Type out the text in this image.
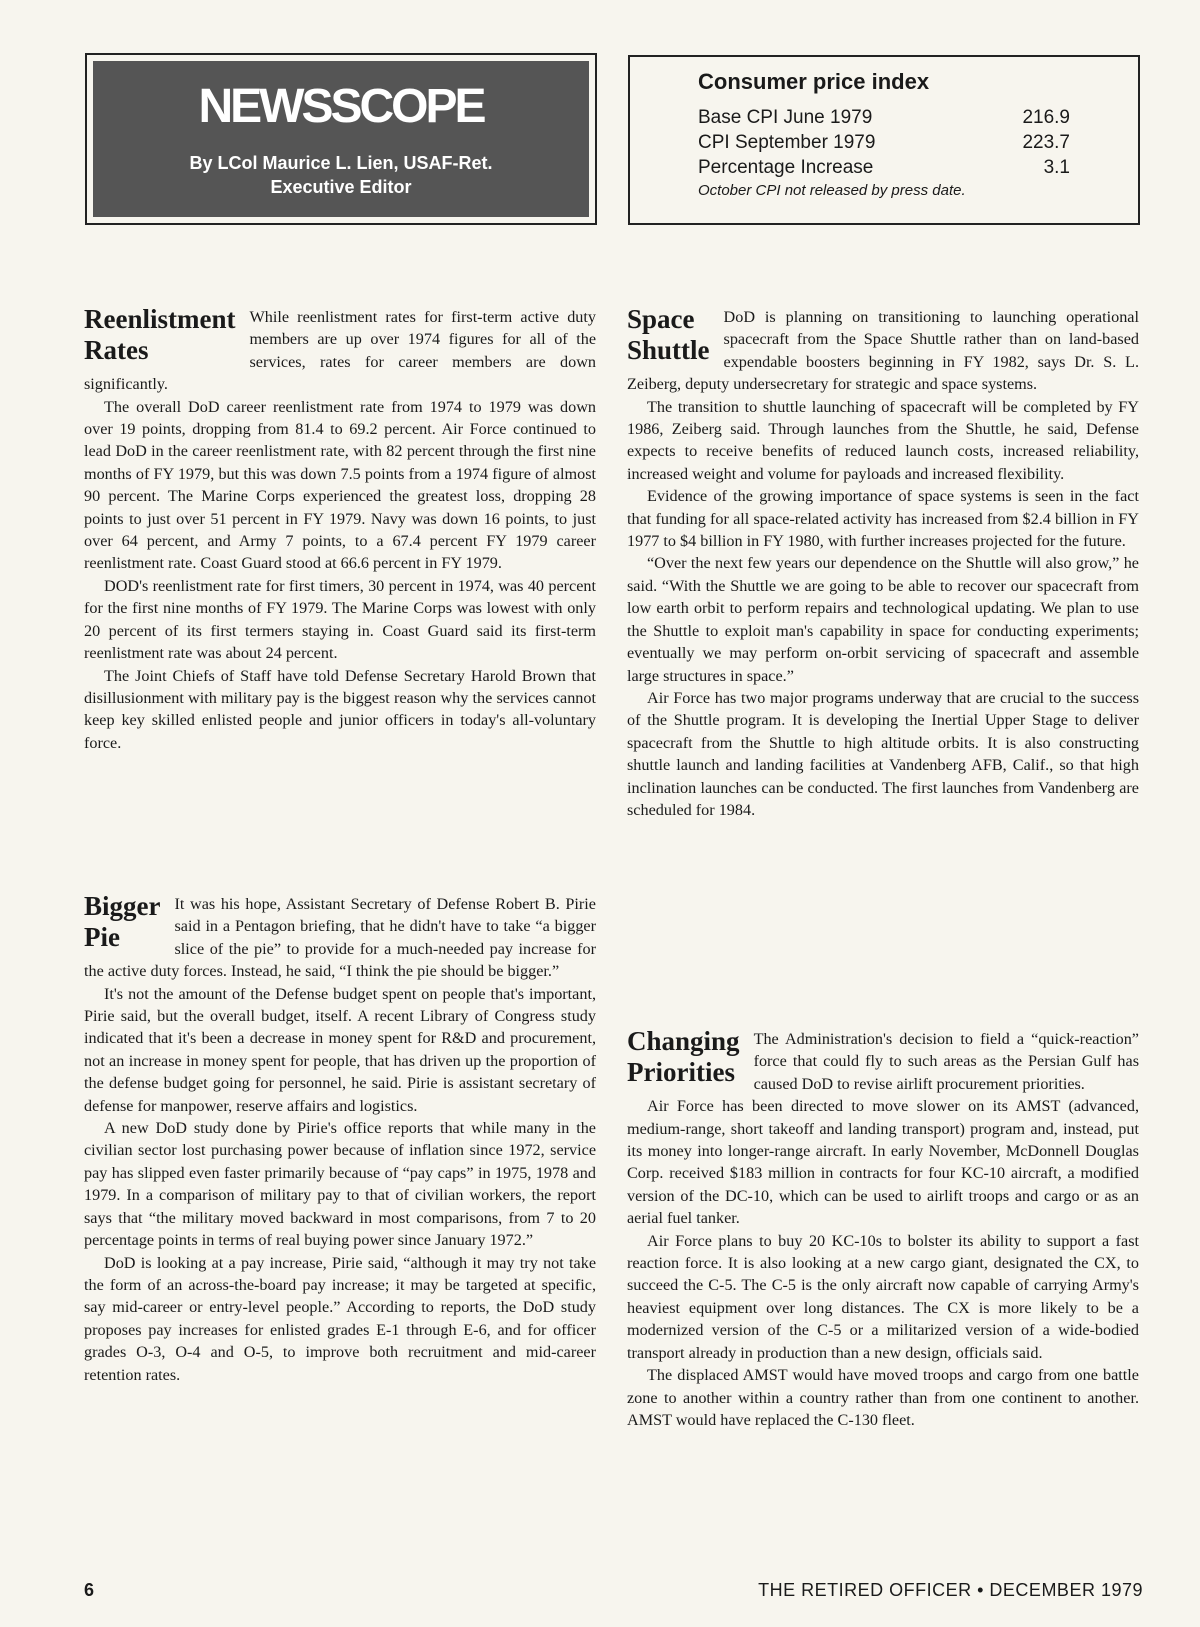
NEWSSCOPE
By LCol Maurice L. Lien, USAF-Ret.
Executive Editor
Consumer price index
Base CPI June 1979	216.9
CPI September 1979	223.7
Percentage Increase	3.1
October CPI not released by press date.
Reenlistment
Rates

While reenlistment rates for first-term active duty members are up over 1974 figures for all of the services, rates for career members are down significantly.

The overall DoD career reenlistment rate from 1974 to 1979 was down over 19 points, dropping from 81.4 to 69.2 percent. Air Force continued to lead DoD in the career reenlistment rate, with 82 percent through the first nine months of FY 1979, but this was down 7.5 points from a 1974 figure of almost 90 percent. The Marine Corps experienced the greatest loss, dropping 28 points to just over 51 percent in FY 1979. Navy was down 16 points, to just over 64 percent, and Army 7 points, to a 67.4 percent FY 1979 career reenlistment rate. Coast Guard stood at 66.6 percent in FY 1979.

DOD's reenlistment rate for first timers, 30 percent in 1974, was 40 percent for the first nine months of FY 1979. The Marine Corps was lowest with only 20 percent of its first termers staying in. Coast Guard said its first-term reenlistment rate was about 24 percent.

The Joint Chiefs of Staff have told Defense Secretary Harold Brown that disillusionment with military pay is the biggest reason why the services cannot keep key skilled enlisted people and junior officers in today's all-voluntary force.

Bigger
Pie

It was his hope, Assistant Secretary of Defense Robert B. Pirie said in a Pentagon briefing, that he didn't have to take “a bigger slice of the pie” to provide for a much-needed pay increase for the active duty forces. Instead, he said, “I think the pie should be bigger.”

It's not the amount of the Defense budget spent on people that's important, Pirie said, but the overall budget, itself. A recent Library of Congress study indicated that it's been a decrease in money spent for R&D and procurement, not an increase in money spent for people, that has driven up the proportion of the defense budget going for personnel, he said. Pirie is assistant secretary of defense for manpower, reserve affairs and logistics.

A new DoD study done by Pirie's office reports that while many in the civilian sector lost purchasing power because of inflation since 1972, service pay has slipped even faster primarily because of “pay caps” in 1975, 1978 and 1979. In a comparison of military pay to that of civilian workers, the report says that “the military moved backward in most comparisons, from 7 to 20 percentage points in terms of real buying power since January 1972.”

DoD is looking at a pay increase, Pirie said, “although it may try not take the form of an across-the-board pay increase; it may be targeted at specific, say mid-career or entry-level people.” According to reports, the DoD study proposes pay increases for enlisted grades E-1 through E-6, and for officer grades O-3, O-4 and O-5, to improve both recruitment and mid-career retention rates.

Space
Shuttle

DoD is planning on transitioning to launching operational spacecraft from the Space Shuttle rather than on land-based expendable boosters beginning in FY 1982, says Dr. S. L. Zeiberg, deputy undersecretary for strategic and space systems.

The transition to shuttle launching of spacecraft will be completed by FY 1986, Zeiberg said. Through launches from the Shuttle, he said, Defense expects to receive benefits of reduced launch costs, increased reliability, increased weight and volume for payloads and increased flexibility.

Evidence of the growing importance of space systems is seen in the fact that funding for all space-related activity has increased from $2.4 billion in FY 1977 to $4 billion in FY 1980, with further increases projected for the future.

“Over the next few years our dependence on the Shuttle will also grow,” he said. “With the Shuttle we are going to be able to recover our spacecraft from low earth orbit to perform repairs and technological updating. We plan to use the Shuttle to exploit man's capability in space for conducting experiments; eventually we may perform on-orbit servicing of spacecraft and assemble large structures in space.”

Air Force has two major programs underway that are crucial to the success of the Shuttle program. It is developing the Inertial Upper Stage to deliver spacecraft from the Shuttle to high altitude orbits. It is also constructing shuttle launch and landing facilities at Vandenberg AFB, Calif., so that high inclination launches can be conducted. The first launches from Vandenberg are scheduled for 1984.

Changing
Priorities

The Administration's decision to field a “quick-reaction” force that could fly to such areas as the Persian Gulf has caused DoD to revise airlift procurement priorities.

Air Force has been directed to move slower on its AMST (advanced, medium-range, short takeoff and landing transport) program and, instead, put its money into longer-range aircraft. In early November, McDonnell Douglas Corp. received $183 million in contracts for four KC-10 aircraft, a modified version of the DC-10, which can be used to airlift troops and cargo or as an aerial fuel tanker.

Air Force plans to buy 20 KC-10s to bolster its ability to support a fast reaction force. It is also looking at a new cargo giant, designated the CX, to succeed the C-5. The C-5 is the only aircraft now capable of carrying Army's heaviest equipment over long distances. The CX is more likely to be a modernized version of the C-5 or a militarized version of a wide-bodied transport already in production than a new design, officials said.

The displaced AMST would have moved troops and cargo from one battle zone to another within a country rather than from one continent to another. AMST would have replaced the C-130 fleet.

6	THE RETIRED OFFICER • DECEMBER 1979
